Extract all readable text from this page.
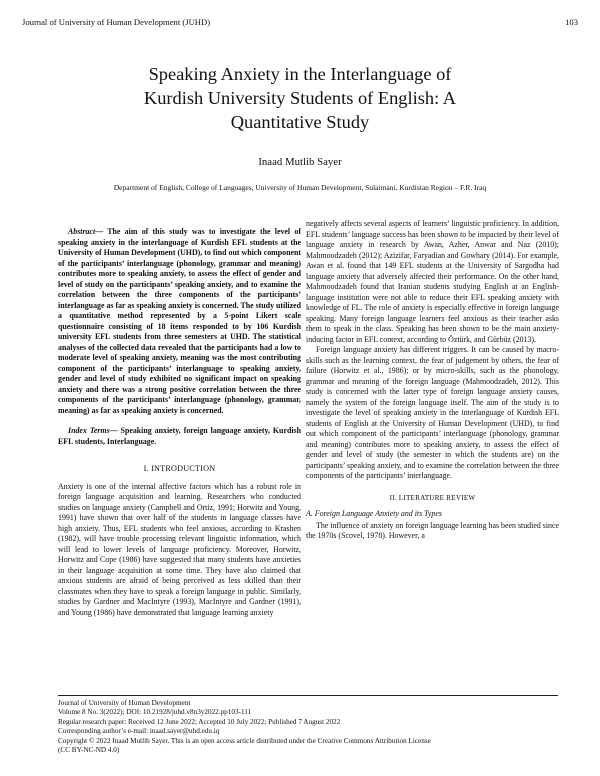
Journal of University of Human Development (JUHD)	103
Speaking Anxiety in the Interlanguage of
Kurdish University Students of English: A
Quantitative Study
Inaad Mutlib Sayer
Department of English, College of Languages, University of Human Development, Sulaimani, Kurdistan Region – F.R. Iraq

Abstract— The aim of this study was to investigate the level of speaking anxiety in the interlanguage of Kurdish EFL students at the University of Human Development (UHD), to find out which component of the participants’ interlanguage (phonology, grammar and meaning) contributes more to speaking anxiety, to assess the effect of gender and level of study on the participants’ speaking anxiety, and to examine the correlation between the three components of the participants’ interlanguage as far as speaking anxiety is concerned. The study utilized a quantitative method represented by a 5-point Likert scale questionnaire consisting of 18 items responded to by 106 Kurdish university EFL students from three semesters at UHD. The statistical analyses of the collected data revealed that the participants had a low to moderate level of speaking anxiety, meaning was the most contributing component of the participants’ interlanguage to speaking anxiety, gender and level of study exhibited no significant impact on speaking anxiety and there was a strong positive correlation between the three components of the participants’ interlanguage (phonology, grammar, meaning) as far as speaking anxiety is concerned.

Index Terms— Speaking anxiety, foreign language anxiety, Kurdish EFL students, Interlanguage.

I. INTRODUCTION

Anxiety is one of the internal affective factors which has a robust role in foreign language acquisition and learning. Researchers who conducted studies on language anxiety (Campbell and Ortiz, 1991; Horwitz and Young, 1991) have shown that over half of the students in language classes have high anxiety. Thus, EFL students who feel anxious, according to Krashen (1982), will have trouble processing relevant linguistic information, which will lead to lower levels of language proficiency. Moreover, Horwitz, Horwitz and Cope (1986) have suggested that many students have anxieties in their language acquisition at some time. They have also claimed that anxious students are afraid of being perceived as less skilled than their classmates when they have to speak a foreign language in public. Similarly, studies by Gardner and MacIntyre (1993), MacIntyre and Gardner (1991), and Young (1986) have demonstrated that language learning anxiety

negatively affects several aspects of learners’ linguistic proficiency. In addition, EFL students’ language success has been shown to be impacted by their level of language anxiety in research by Awan, Azher, Anwar and Naz (2010); Mahmoodzadeh (2012); Azizifar, Faryadian and Gowhary (2014). For example, Awan et al. found that 149 EFL students at the University of Sargodha had language anxiety that adversely affected their performance. On the other hand, Mahmoodzadeh found that Iranian students studying English at an English-language institution were not able to reduce their EFL speaking anxiety with knowledge of FL. The role of anxiety is especially effective in foreign language speaking. Many foreign language learners feel anxious as their teacher asks them to speak in the class. Speaking has been shown to be the main anxiety-inducing factor in EFL context, according to Öztürk, and Gürbüz (2013).

Foreign language anxiety has different triggers. It can be caused by macro-skills such as the learning context, the fear of judgement by others, the fear of failure (Horwitz et al., 1986); or by micro-skills, such as the phonology, grammar and meaning of the foreign language (Mahmoodzadeh, 2012). This study is concerned with the latter type of foreign language anxiety causes, namely the system of the foreign language itself. The aim of the study is to investigate the level of speaking anxiety in the interlanguage of Kurdish EFL students of English at the University of Human Development (UHD), to find out which component of the participants’ interlanguage (phonology, grammar and meaning) contributes more to speaking anxiety, to assess the effect of gender and level of study (the semester in which the students are) on the participants’ speaking anxiety, and to examine the correlation between the three components of the participants’ interlanguage.

II. LITERATURE REVIEW
A. Foreign Language Anxiety and its Types

The influence of anxiety on foreign language learning has been studied since the 1970s (Scovel, 1978). However, a

Journal of University of Human Development
Volume 8 No. 3(2022); DOI: 10.21928/juhd.v8n3y2022.pp103-111
Regular research paper: Received 12 June 2022; Accepted 10 July 2022; Published 7 August 2022
Corresponding author’s e-mail: inaad.sayer@uhd.edu.iq
Copyright © 2022 Inaad Mutlib Sayer. This is an open access article distributed under the Creative Commons Attribution License
(CC BY-NC-ND 4.0)
